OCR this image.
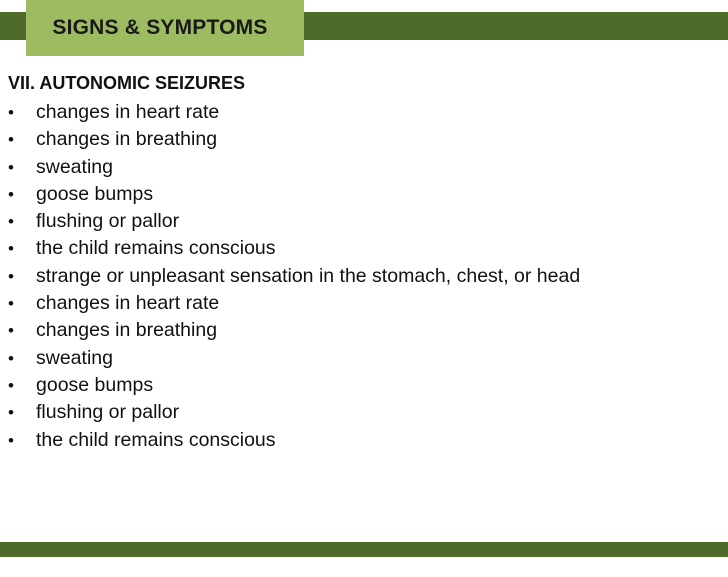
SIGNS & SYMPTOMS
VII. AUTONOMIC SEIZURES
•	changes in heart rate
•	changes in breathing
•	sweating
•	goose bumps
•	flushing or pallor
•	the child remains conscious
•	strange or unpleasant sensation in the stomach, chest, or head
•	changes in heart rate
•	changes in breathing
•	sweating
•	goose bumps
•	flushing or pallor
•	the child remains conscious
